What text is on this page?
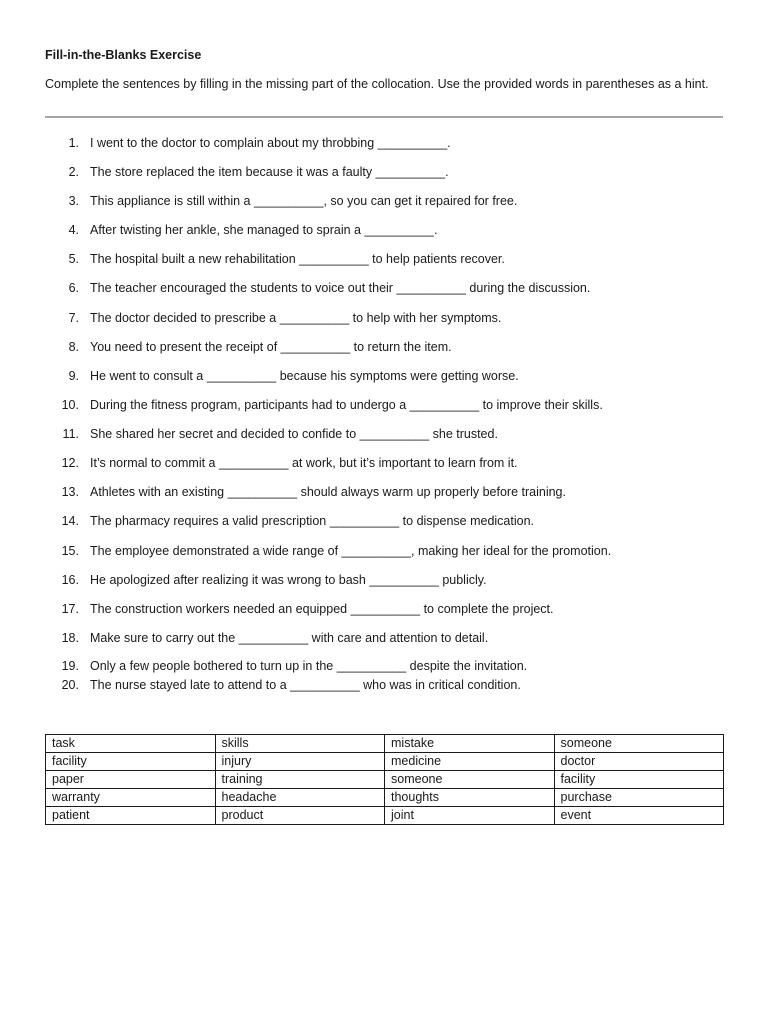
Fill-in-the-Blanks Exercise
Complete the sentences by filling in the missing part of the collocation. Use the provided words in parentheses as a hint.
1. I went to the doctor to complain about my throbbing __________.
2. The store replaced the item because it was a faulty __________.
3. This appliance is still within a __________, so you can get it repaired for free.
4. After twisting her ankle, she managed to sprain a __________.
5. The hospital built a new rehabilitation __________ to help patients recover.
6. The teacher encouraged the students to voice out their __________ during the discussion.
7. The doctor decided to prescribe a __________ to help with her symptoms.
8. You need to present the receipt of __________ to return the item.
9. He went to consult a __________ because his symptoms were getting worse.
10. During the fitness program, participants had to undergo a __________ to improve their skills.
11. She shared her secret and decided to confide to __________ she trusted.
12. It’s normal to commit a __________ at work, but it’s important to learn from it.
13. Athletes with an existing __________ should always warm up properly before training.
14. The pharmacy requires a valid prescription __________ to dispense medication.
15. The employee demonstrated a wide range of __________, making her ideal for the promotion.
16. He apologized after realizing it was wrong to bash __________ publicly.
17. The construction workers needed an equipped __________ to complete the project.
18. Make sure to carry out the __________ with care and attention to detail.
19. Only a few people bothered to turn up in the __________ despite the invitation.
20. The nurse stayed late to attend to a __________ who was in critical condition.
task	skills	mistake	someone
facility	injury	medicine	doctor
paper	training	someone	facility
warranty	headache	thoughts	purchase
patient	product	joint	event
